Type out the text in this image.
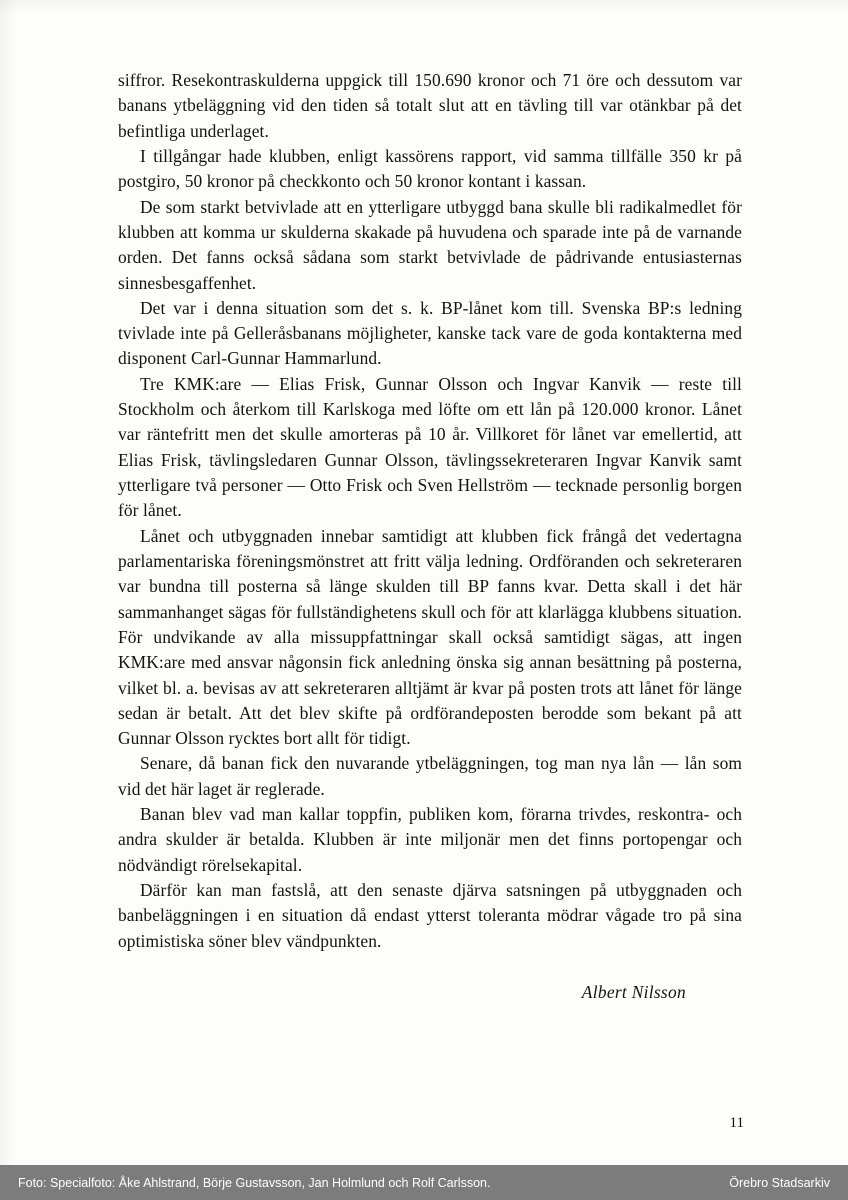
siffror. Resekontraskulderna uppgick till 150.690 kronor och 71 öre och dessutom var banans ytbeläggning vid den tiden så totalt slut att en tävling till var otänkbar på det befintliga underlaget.

I tillgångar hade klubben, enligt kassörens rapport, vid samma tillfälle 350 kr på postgiro, 50 kronor på checkkonto och 50 kronor kontant i kassan.

De som starkt betvivlade att en ytterligare utbyggd bana skulle bli radikalmedlet för klubben att komma ur skulderna skakade på huvudena och sparade inte på de varnande orden. Det fanns också sådana som starkt betvivlade de pådrivande entusiasternas sinnesbesgaffenhet.

Det var i denna situation som det s. k. BP-lånet kom till. Svenska BP:s ledning tvivlade inte på Gelleråsbanans möjligheter, kanske tack vare de goda kontakterna med disponent Carl-Gunnar Hammarlund.

Tre KMK:are — Elias Frisk, Gunnar Olsson och Ingvar Kanvik — reste till Stockholm och återkom till Karlskoga med löfte om ett lån på 120.000 kronor. Lånet var räntefritt men det skulle amorteras på 10 år. Villkoret för lånet var emellertid, att Elias Frisk, tävlingsledaren Gunnar Olsson, tävlingssekreteraren Ingvar Kanvik samt ytterligare två personer — Otto Frisk och Sven Hellström — tecknade personlig borgen för lånet.

Lånet och utbyggnaden innebar samtidigt att klubben fick frångå det vedertagna parlamentariska föreningsmönstret att fritt välja ledning. Ordföranden och sekreteraren var bundna till posterna så länge skulden till BP fanns kvar. Detta skall i det här sammanhanget sägas för fullständighetens skull och för att klarlägga klubbens situation. För undvikande av alla missuppfattningar skall också samtidigt sägas, att ingen KMK:are med ansvar någonsin fick anledning önska sig annan besättning på posterna, vilket bl. a. bevisas av att sekreteraren alltjämt är kvar på posten trots att lånet för länge sedan är betalt. Att det blev skifte på ordförandeposten berodde som bekant på att Gunnar Olsson rycktes bort allt för tidigt.

Senare, då banan fick den nuvarande ytbeläggningen, tog man nya lån — lån som vid det här laget är reglerade.

Banan blev vad man kallar toppfin, publiken kom, förarna trivdes, reskontra- och andra skulder är betalda. Klubben är inte miljonär men det finns portopengar och nödvändigt rörelsekapital.

Därför kan man fastslå, att den senaste djärva satsningen på utbyggnaden och banbeläggningen i en situation då endast ytterst toleranta mödrar vågade tro på sina optimistiska söner blev vändpunkten.

Albert Nilsson
11
Foto: Specialfoto: Åke Ahlstrand, Börje Gustavsson, Jan Holmlund och Rolf Carlsson.	Örebro Stadsarkiv
